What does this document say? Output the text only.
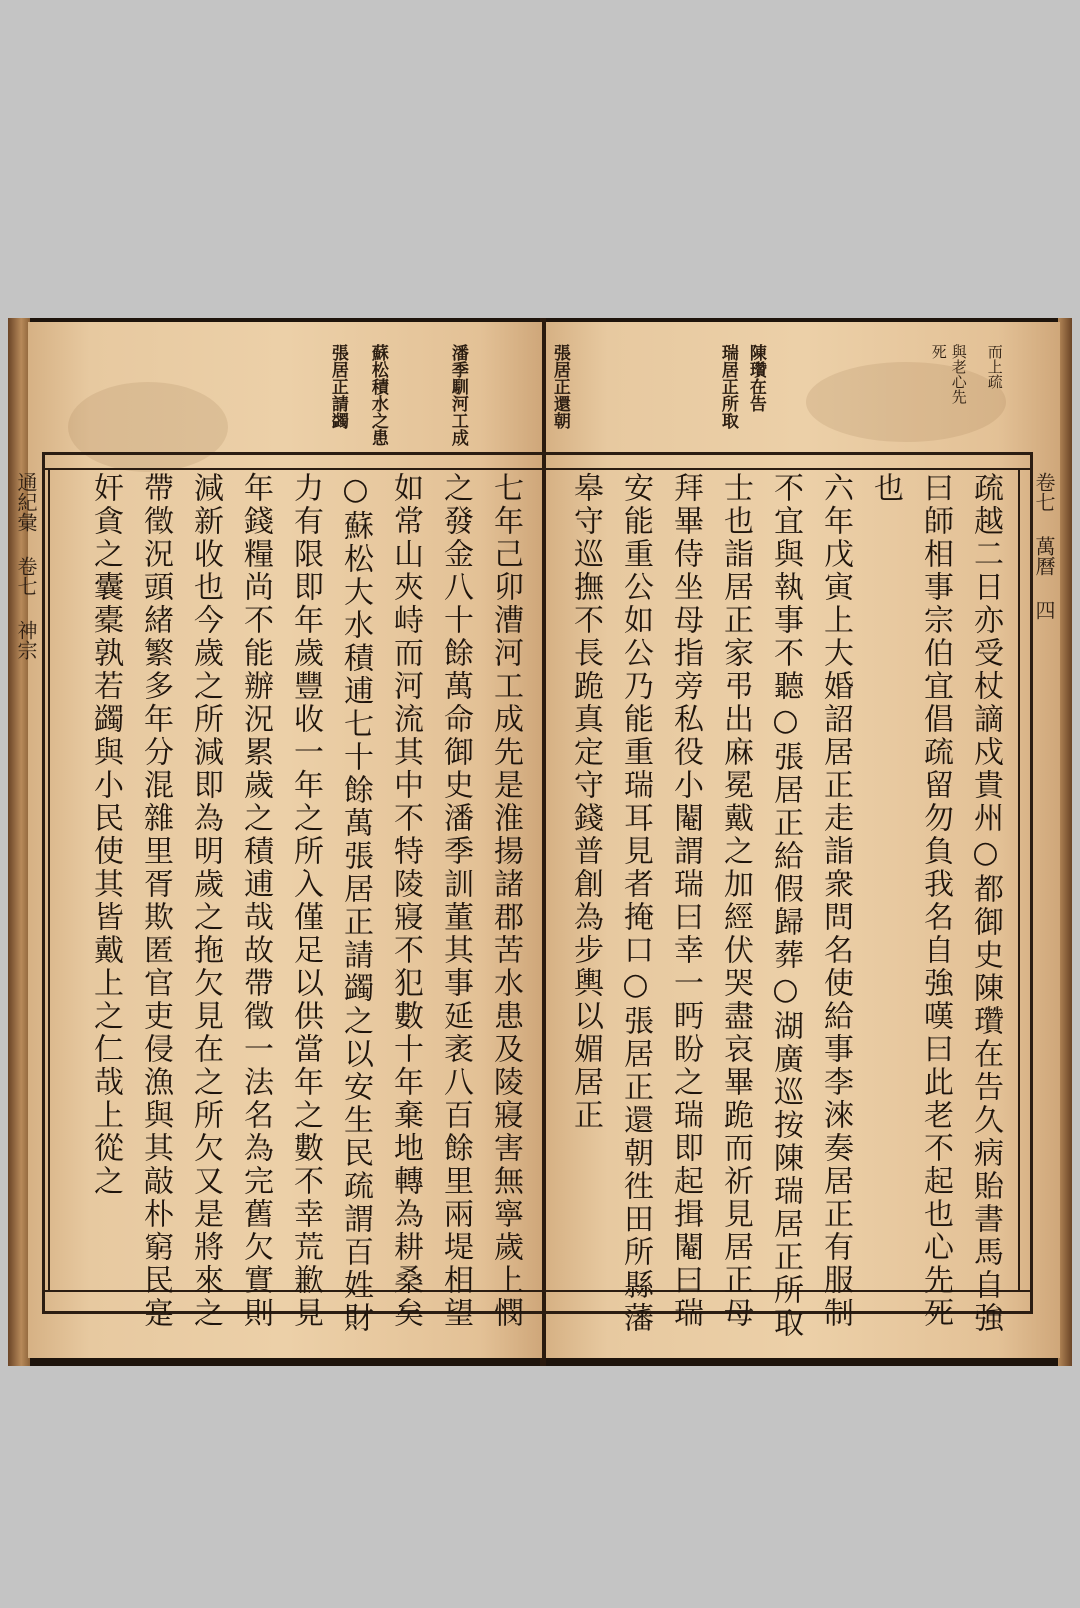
通紀彙 卷七 神宗
潘季馴河工成
蘇松積水之患
張居正請蠲
七年己卯漕河工成先是淮揚諸郡苦水患及陵寢害無寧歲上憫
之發金八十餘萬命御史潘季訓董其事延袤八百餘里兩堤相望
如常山夾峙而河流其中不特陵寢不犯數十年棄地轉為耕桑矣
○蘇松大水積逋七十餘萬張居正請蠲之以安生民疏謂百姓財
力有限即年歲豐收一年之所入僅足以供當年之數不幸荒歉見
年錢糧尚不能辦況累歲之積逋哉故帶徵一法名為完舊欠實則
減新收也今歲之所減即為明歲之拖欠見在之所欠又是將來之
帶徵況頭緒繁多年分混雜里胥欺匿官吏侵漁與其敲朴窮民寔
奸貪之囊橐孰若蠲與小民使其皆戴上之仁哉上從之	卷七 萬曆 四
而上疏
與老心先
死
陳瓚在告
瑞居正所取
張居正還朝
疏越二日亦受杖謫戍貴州○都御史陳瓚在告久病貽書馬自強
曰師相事宗伯宜倡疏留勿負我名自強嘆曰此老不起也心先死
也
六年戊寅上大婚詔居正走詣衆問名使給事李淶奏居正有服制
不宜與執事不聽○張居正給假歸葬○湖廣巡按陳瑞居正所取
士也詣居正家弔出麻冕戴之加經伏哭盡哀畢跪而祈見居正母
拜畢侍坐母指旁私役小閹謂瑞曰幸一眄盼之瑞即起揖閹曰瑞
安能重公如公乃能重瑞耳見者掩口○張居正還朝徃田所縣藩
皋守巡撫不長跪真定守錢普創為步輿以媚居正
